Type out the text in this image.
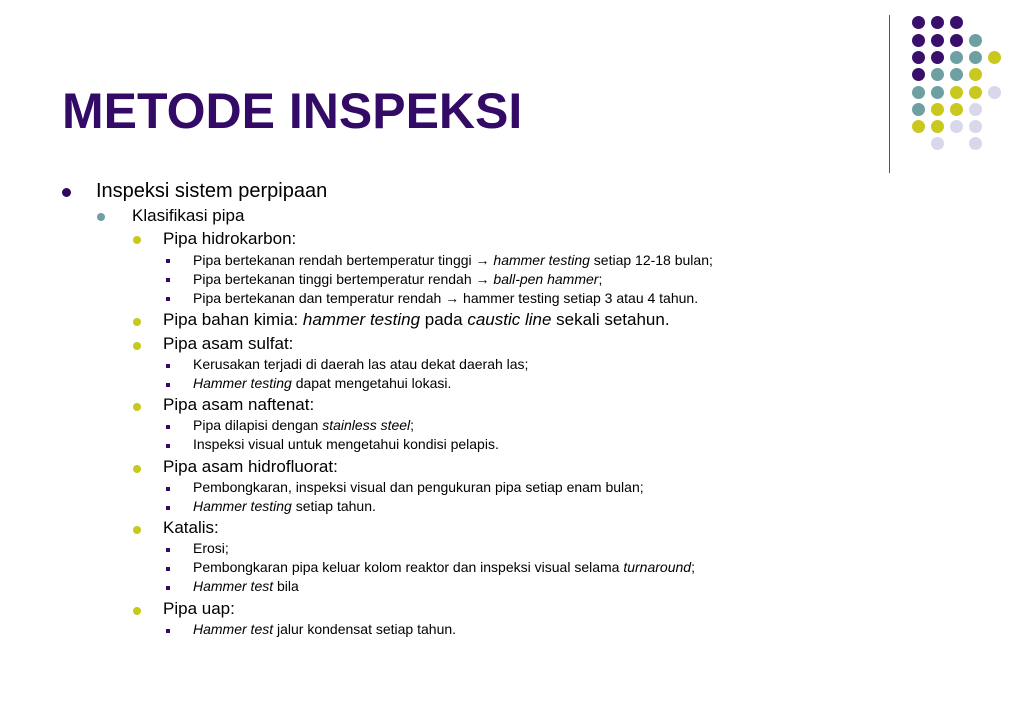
METODE INSPEKSI
Inspeksi sistem perpipaan
Klasifikasi pipa
Pipa hidrokarbon:
Pipa bertekanan rendah bertemperatur tinggi → hammer testing setiap 12-18 bulan;
Pipa bertekanan tinggi bertemperatur rendah → ball-pen hammer;
Pipa bertekanan dan temperatur rendah → hammer testing setiap 3 atau 4 tahun.
Pipa bahan kimia: hammer testing pada caustic line sekali setahun.
Pipa asam sulfat:
Kerusakan terjadi di daerah las atau dekat daerah las;
Hammer testing dapat mengetahui lokasi.
Pipa asam naftenat:
Pipa dilapisi dengan stainless steel;
Inspeksi visual untuk mengetahui kondisi pelapis.
Pipa asam hidrofluorat:
Pembongkaran, inspeksi visual dan pengukuran pipa setiap enam bulan;
Hammer testing setiap tahun.
Katalis:
Erosi;
Pembongkaran pipa keluar kolom reaktor dan inspeksi visual selama turnaround;
Hammer test bila
Pipa uap:
Hammer test jalur kondensat setiap tahun.
